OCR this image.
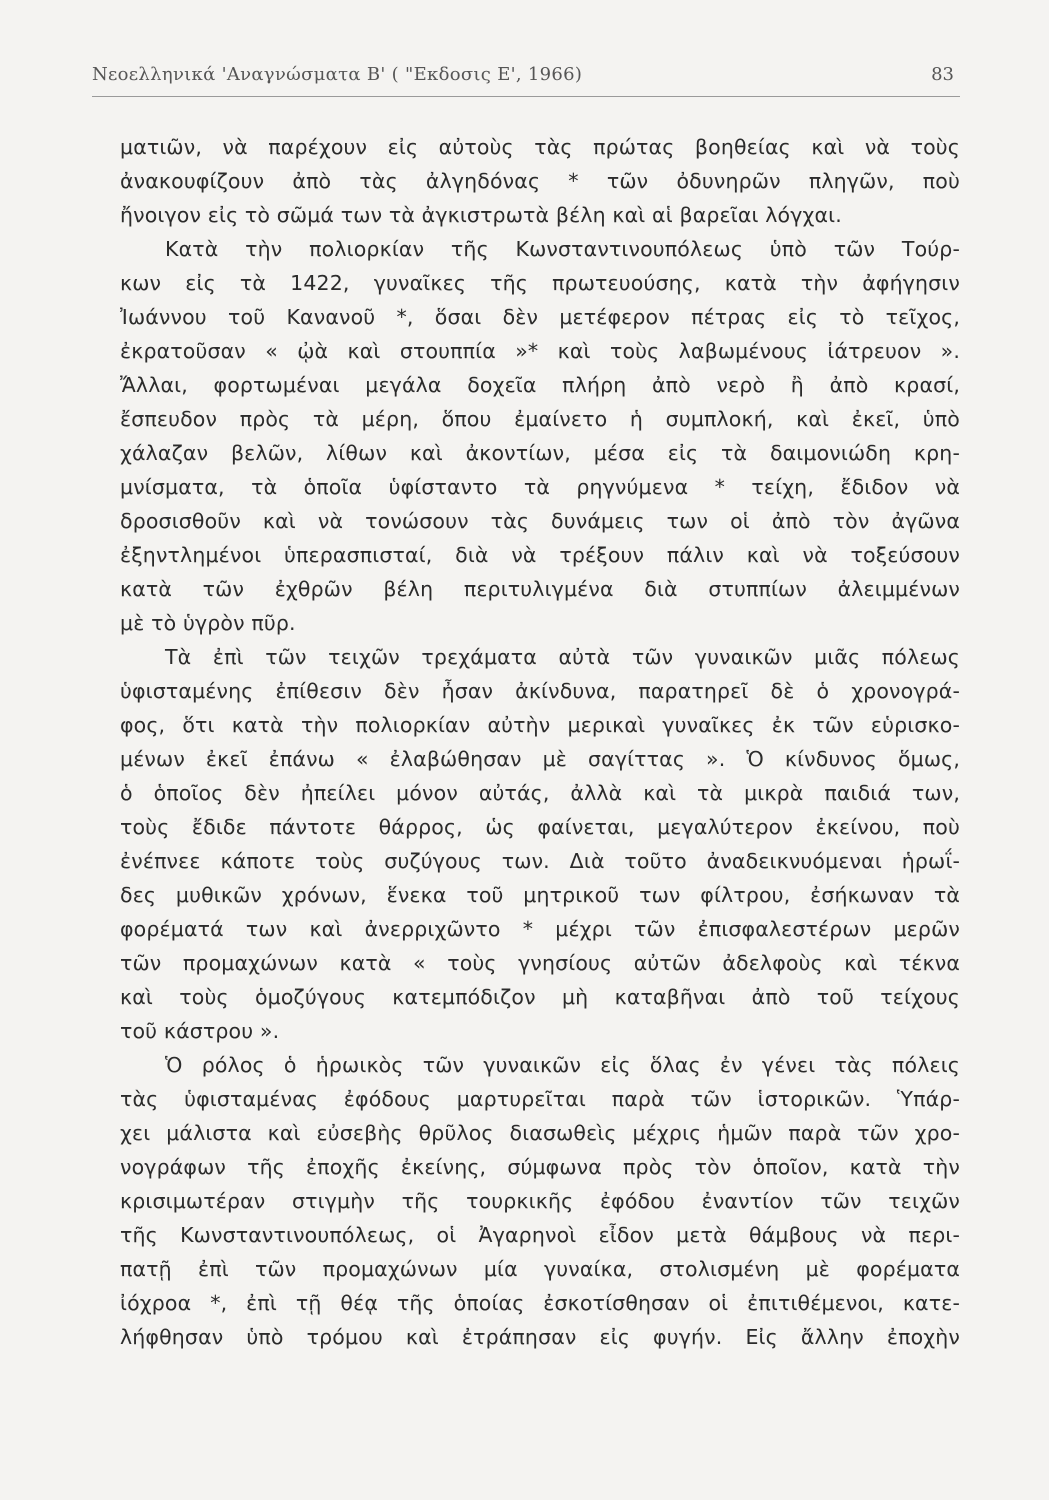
Νεοελληνικά 'Αναγνώσματα Β' ( "Εκδοσις Ε', 1966)	83
ματιῶν, νὰ παρέχουν εἰς αὐτοὺς τὰς πρώτας βοηθείας καὶ νὰ τοὺς
ἀνακουφίζουν ἀπὸ τὰς ἀλγηδόνας * τῶν ὀδυνηρῶν πληγῶν, ποὺ
ἤνοιγον εἰς τὸ σῶμά των τὰ ἀγκιστρωτὰ βέλη καὶ αἱ βαρεῖαι λόγχαι.
Κατὰ τὴν πολιορκίαν τῆς Κωνσταντινουπόλεως ὑπὸ τῶν Τούρ-
κων εἰς τὰ 1422, γυναῖκες τῆς πρωτευούσης, κατὰ τὴν ἀφήγησιν
Ἰωάννου τοῦ Κανανοῦ *, ὅσαι δὲν μετέφερον πέτρας εἰς τὸ τεῖχος,
ἐκρατοῦσαν « ᾠὰ καὶ στουππία »* καὶ τοὺς λαβωμένους ἰάτρευον ».
Ἄλλαι, φορτωμέναι μεγάλα δοχεῖα πλήρη ἀπὸ νερὸ ἢ ἀπὸ κρασί,
ἔσπευδον πρὸς τὰ μέρη, ὅπου ἐμαίνετο ἡ συμπλοκή, καὶ ἐκεῖ, ὑπὸ
χάλαζαν βελῶν, λίθων καὶ ἀκοντίων, μέσα εἰς τὰ δαιμονιώδη κρη-
μνίσματα, τὰ ὁποῖα ὑφίσταντο τὰ ρηγνύμενα * τείχη, ἔδιδον νὰ
δροσισθοῦν καὶ νὰ τονώσουν τὰς δυνάμεις των οἱ ἀπὸ τὸν ἀγῶνα
ἐξηντλημένοι ὑπερασπισταί, διὰ νὰ τρέξουν πάλιν καὶ νὰ τοξεύσουν
κατὰ τῶν ἐχθρῶν βέλη περιτυλιγμένα διὰ στυππίων ἀλειμμένων
μὲ τὸ ὑγρὸν πῦρ.
Τὰ ἐπὶ τῶν τειχῶν τρεχάματα αὐτὰ τῶν γυναικῶν μιᾶς πόλεως
ὑφισταμένης ἐπίθεσιν δὲν ἦσαν ἀκίνδυνα, παρατηρεῖ δὲ ὁ χρονογρά-
φος, ὅτι κατὰ τὴν πολιορκίαν αὐτὴν μερικαὶ γυναῖκες ἐκ τῶν εὑρισκο-
μένων ἐκεῖ ἐπάνω « ἐλαβώθησαν μὲ σαγίττας ». Ὁ κίνδυνος ὅμως,
ὁ ὁποῖος δὲν ἠπείλει μόνον αὐτάς, ἀλλὰ καὶ τὰ μικρὰ παιδιά των,
τοὺς ἔδιδε πάντοτε θάρρος, ὡς φαίνεται, μεγαλύτερον ἐκείνου, ποὺ
ἐνέπνεε κάποτε τοὺς συζύγους των. Διὰ τοῦτο ἀναδεικνυόμεναι ἡρωΐ-
δες μυθικῶν χρόνων, ἕνεκα τοῦ μητρικοῦ των φίλτρου, ἐσήκωναν τὰ
φορέματά των καὶ ἀνερριχῶντο * μέχρι τῶν ἐπισφαλεστέρων μερῶν
τῶν προμαχώνων κατὰ « τοὺς γνησίους αὐτῶν ἀδελφοὺς καὶ τέκνα
καὶ τοὺς ὁμοζύγους κατεμπόδιζον μὴ καταβῆναι ἀπὸ τοῦ τείχους
τοῦ κάστρου ».
Ὁ ρόλος ὁ ἡρωικὸς τῶν γυναικῶν εἰς ὅλας ἐν γένει τὰς πόλεις
τὰς ὑφισταμένας ἐφόδους μαρτυρεῖται παρὰ τῶν ἱστορικῶν. Ὑπάρ-
χει μάλιστα καὶ εὐσεβὴς θρῦλος διασωθεὶς μέχρις ἡμῶν παρὰ τῶν χρο-
νογράφων τῆς ἐποχῆς ἐκείνης, σύμφωνα πρὸς τὸν ὁποῖον, κατὰ τὴν
κρισιμωτέραν στιγμὴν τῆς τουρκικῆς ἐφόδου ἐναντίον τῶν τειχῶν
τῆς Κωνσταντινουπόλεως, οἱ Ἀγαρηνοὶ εἶδον μετὰ θάμβους νὰ περι-
πατῇ ἐπὶ τῶν προμαχώνων μία γυναίκα, στολισμένη μὲ φορέματα
ἰόχροα *, ἐπὶ τῇ θέᾳ τῆς ὁποίας ἐσκοτίσθησαν οἱ ἐπιτιθέμενοι, κατε-
λήφθησαν ὑπὸ τρόμου καὶ ἐτράπησαν εἰς φυγήν. Εἰς ἄλλην ἐποχὴν
